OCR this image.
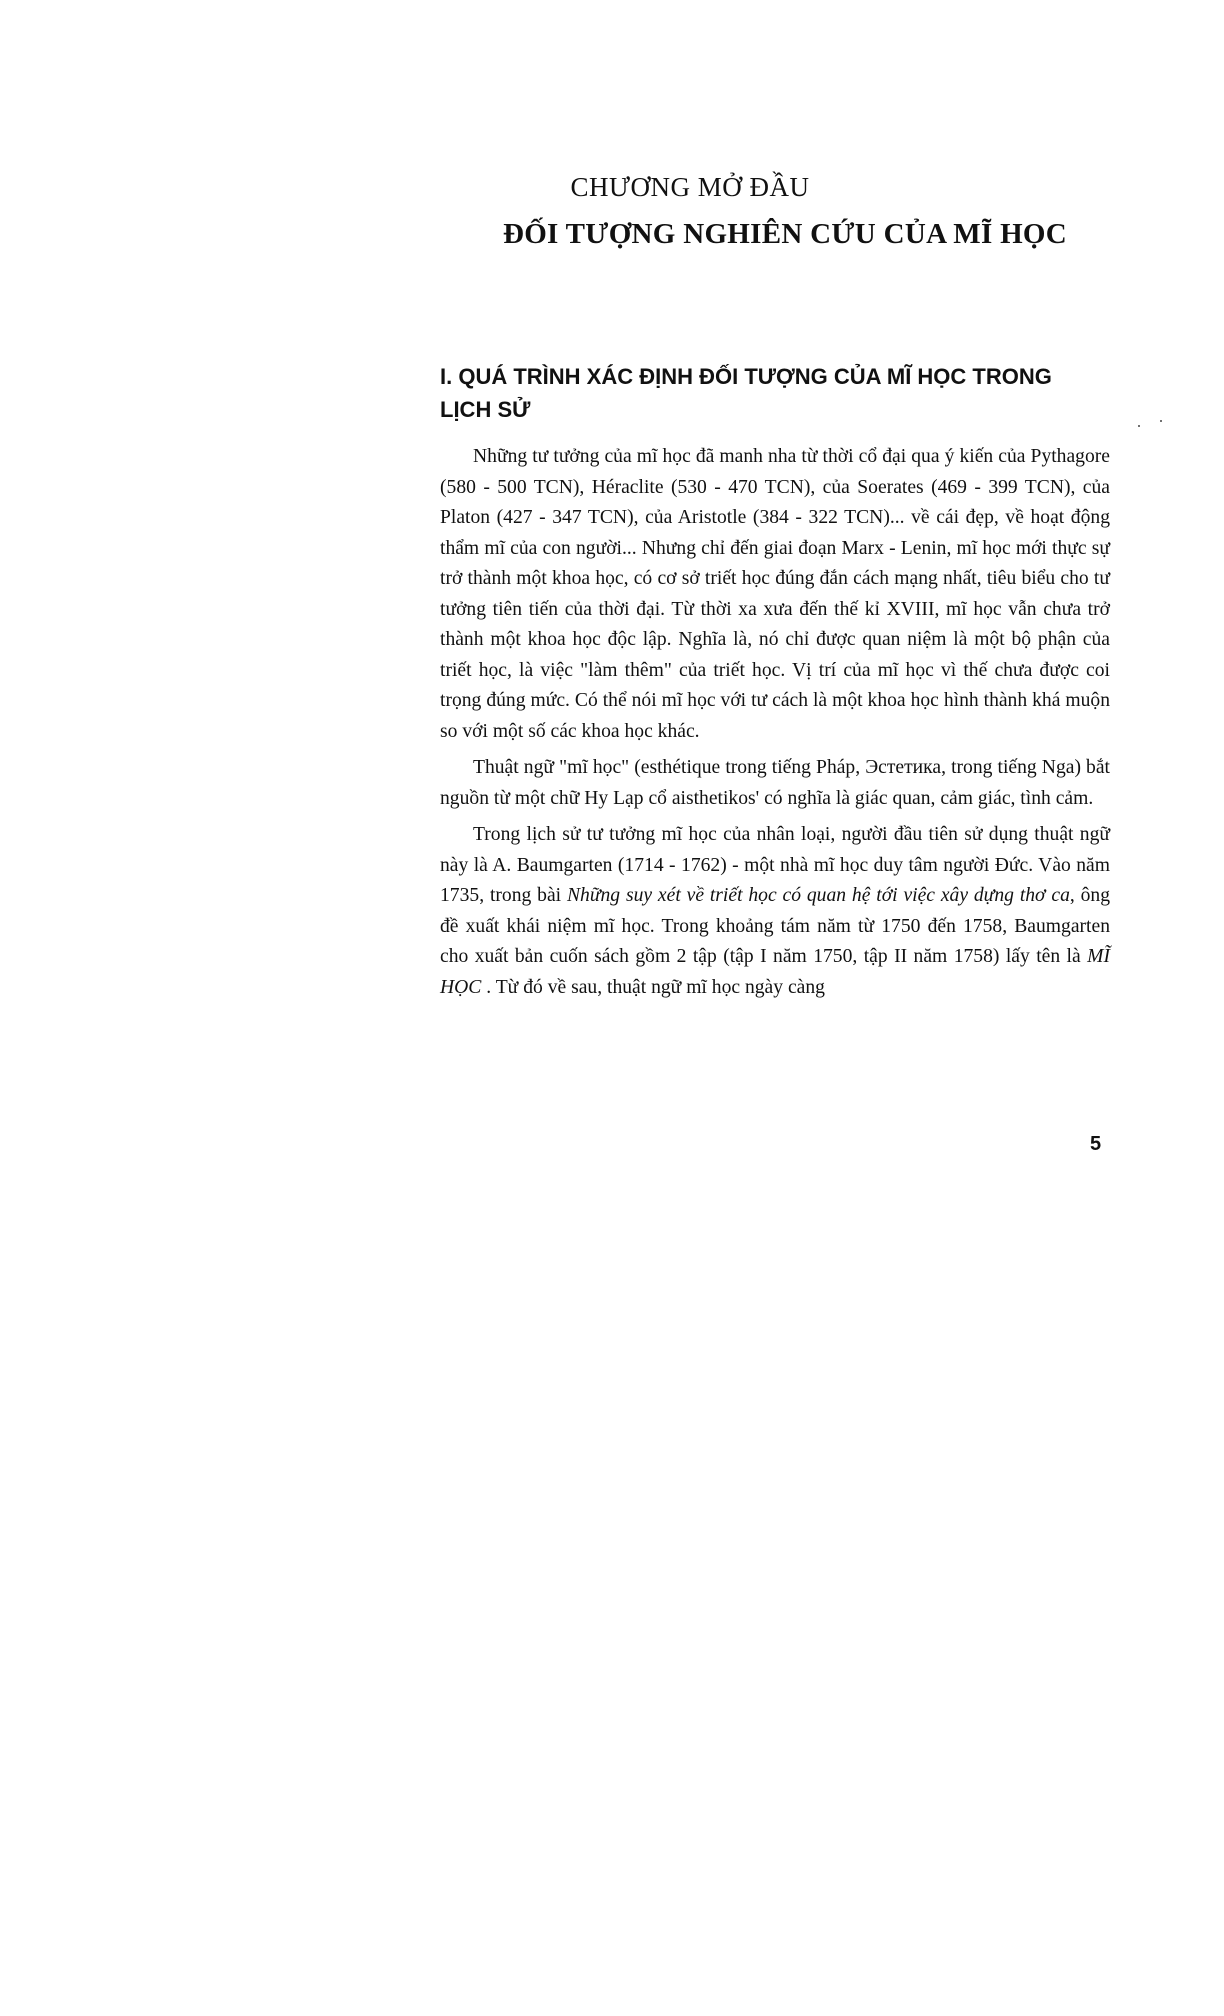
CHƯƠNG MỞ ĐẦU
ĐỐI TƯỢNG NGHIÊN CỨU CỦA MĨ HỌC
I. QUÁ TRÌNH XÁC ĐỊNH ĐỐI TƯỢNG CỦA MĨ HỌC TRONG LỊCH SỬ

Những tư tưởng của mĩ học đã manh nha từ thời cổ đại qua ý kiến của Pythagore (580 - 500 TCN), Héraclite (530 - 470 TCN), của Soerates (469 - 399 TCN), của Platon (427 - 347 TCN), của Aristotle (384 - 322 TCN)... về cái đẹp, về hoạt động thẩm mĩ của con người... Nhưng chỉ đến giai đoạn Marx - Lenin, mĩ học mới thực sự trở thành một khoa học, có cơ sở triết học đúng đắn cách mạng nhất, tiêu biểu cho tư tưởng tiên tiến của thời đại. Từ thời xa xưa đến thế kỉ XVIII, mĩ học vẫn chưa trở thành một khoa học độc lập. Nghĩa là, nó chỉ được quan niệm là một bộ phận của triết học, là việc "làm thêm" của triết học. Vị trí của mĩ học vì thế chưa được coi trọng đúng mức. Có thể nói mĩ học với tư cách là một khoa học hình thành khá muộn so với một số các khoa học khác.

Thuật ngữ "mĩ học" (esthétique trong tiếng Pháp, Эстетика, trong tiếng Nga) bắt nguồn từ một chữ Hy Lạp cổ aisthetikos' có nghĩa là giác quan, cảm giác, tình cảm.

Trong lịch sử tư tưởng mĩ học của nhân loại, người đầu tiên sử dụng thuật ngữ này là A. Baumgarten (1714 - 1762) - một nhà mĩ học duy tâm người Đức. Vào năm 1735, trong bài Những suy xét về triết học có quan hệ tới việc xây dựng thơ ca, ông đề xuất khái niệm mĩ học. Trong khoảng tám năm từ 1750 đến 1758, Baumgarten cho xuất bản cuốn sách gồm 2 tập (tập I năm 1750, tập II năm 1758) lấy tên là MĨ HỌC . Từ đó về sau, thuật ngữ mĩ học ngày càng

5
